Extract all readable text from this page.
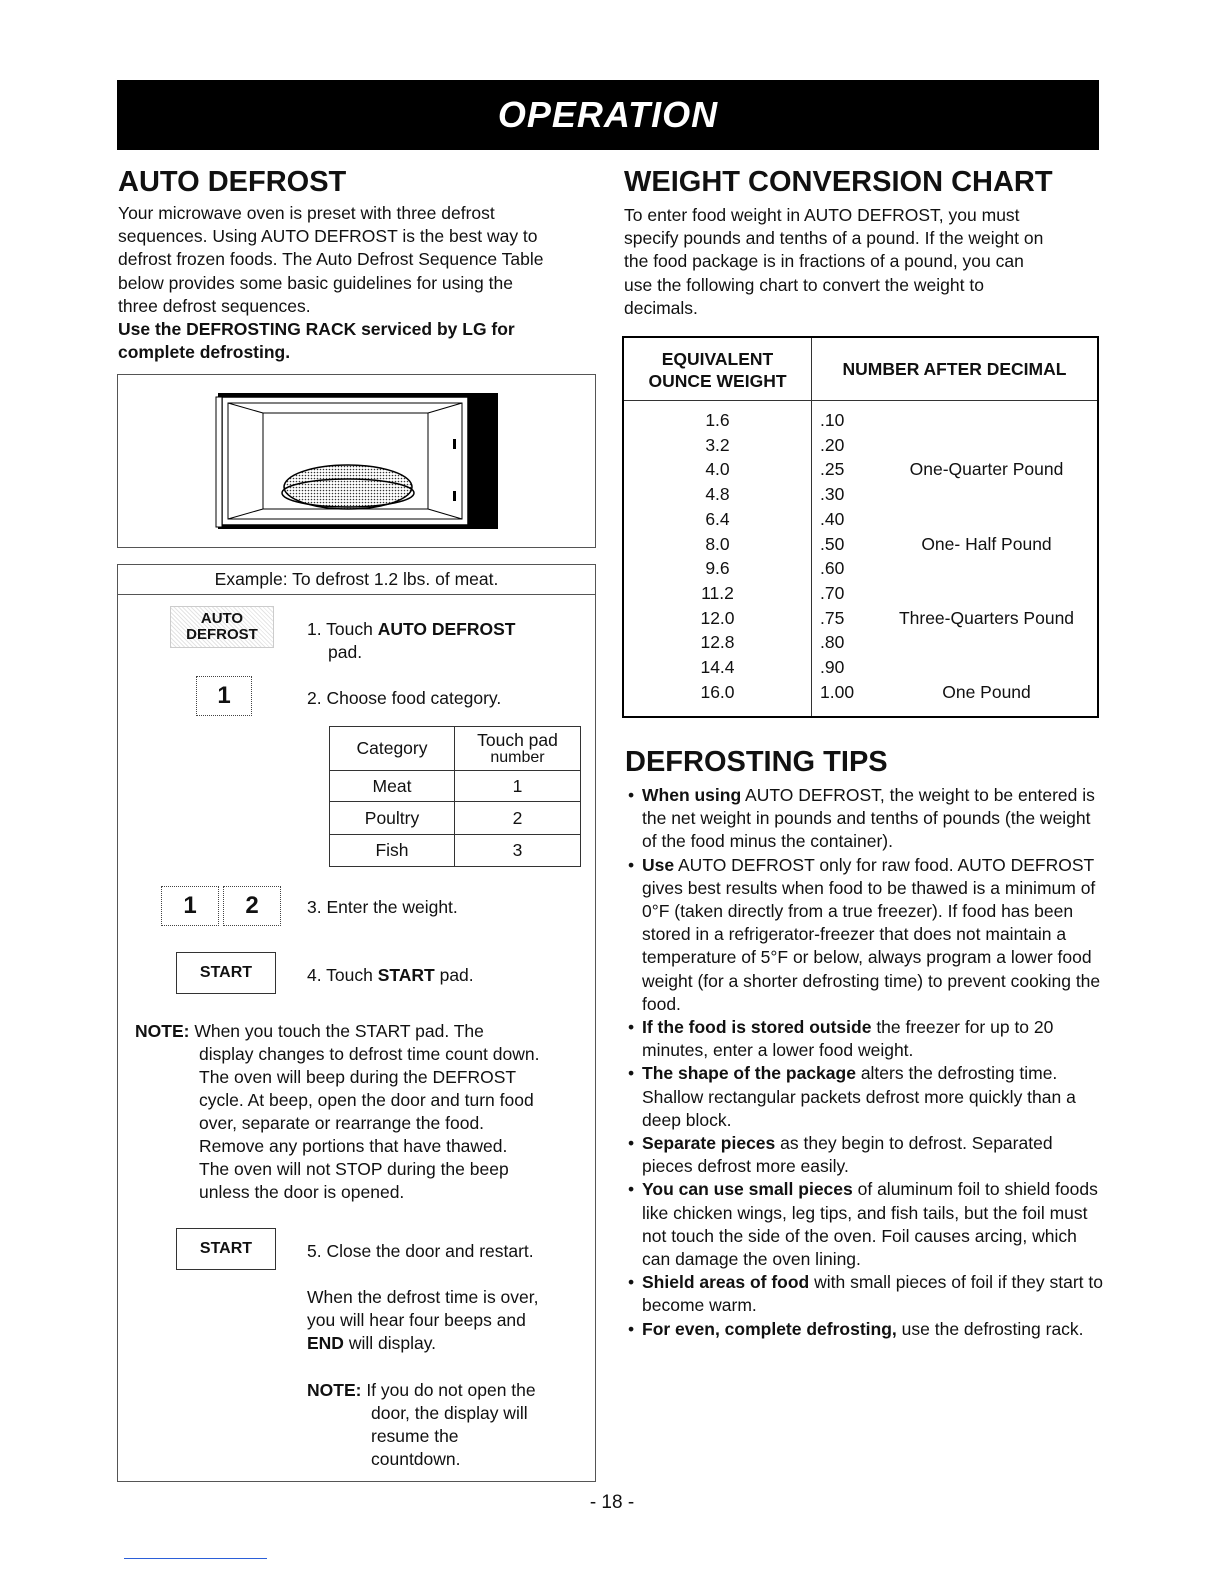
OPERATION
AUTO DEFROST
Your microwave oven is preset with three defrost
sequences. Using AUTO DEFROST is the best way to
defrost frozen foods. The Auto Defrost Sequence Table
below provides some basic guidelines for using the
three defrost sequences.
Use the DEFROSTING RACK serviced by LG for
complete defrosting.
Example: To defrost 1.2 lbs. of meat.
AUTO
DEFROST	1. Touch AUTO DEFROST
pad.
1	2. Choose food category.
Category	Touch pad
number

Meat	1
Poultry	2
Fish	3
1 2	3. Enter the weight.
START	4. Touch START pad.
NOTE: When you touch the START pad. The
display changes to defrost time count down.
The oven will beep during the DEFROST
cycle. At beep, open the door and turn food
over, separate or rearrange the food.
Remove any portions that have thawed.
The oven will not STOP during the beep
unless the door is opened.
START	5. Close the door and restart.
When the defrost time is over,
you will hear four beeps and
END will display.
NOTE: If you do not open the
door, the display will
resume the
countdown.
WEIGHT CONVERSION CHART
To enter food weight in AUTO DEFROST, you must
specify pounds and tenths of a pound. If the weight on
the food package is in fractions of a pound, you can
use the following chart to convert the weight to
decimals.
EQUIVALENT
OUNCE WEIGHT
NUMBER AFTER DECIMAL
1.6	.10
3.2	.20
4.0	.25	One-Quarter Pound
4.8	.30
6.4	.40
8.0	.50	One- Half Pound
9.6	.60
11.2	.70
12.0	.75	Three-Quarters Pound
12.8	.80
14.4	.90
16.0	1.00	One Pound
DEFROSTING TIPS
• When using AUTO DEFROST, the weight to be entered is the net weight in pounds and tenths of pounds (the weight of the food minus the container).
• Use AUTO DEFROST only for raw food. AUTO DEFROST gives best results when food to be thawed is a minimum of 0°F (taken directly from a true freezer). If food has been stored in a refrigerator-freezer that does not maintain a temperature of 5°F or below, always program a lower food weight (for a shorter defrosting time) to prevent cooking the food.
• If the food is stored outside the freezer for up to 20 minutes, enter a lower food weight.
• The shape of the package alters the defrosting time. Shallow rectangular packets defrost more quickly than a deep block.
• Separate pieces as they begin to defrost. Separated pieces defrost more easily.
• You can use small pieces of aluminum foil to shield foods like chicken wings, leg tips, and fish tails, but the foil must not touch the side of the oven. Foil causes arcing, which can damage the oven lining.
• Shield areas of food with small pieces of foil if they start to become warm.
• For even, complete defrosting, use the defrosting rack.
- 18 -
